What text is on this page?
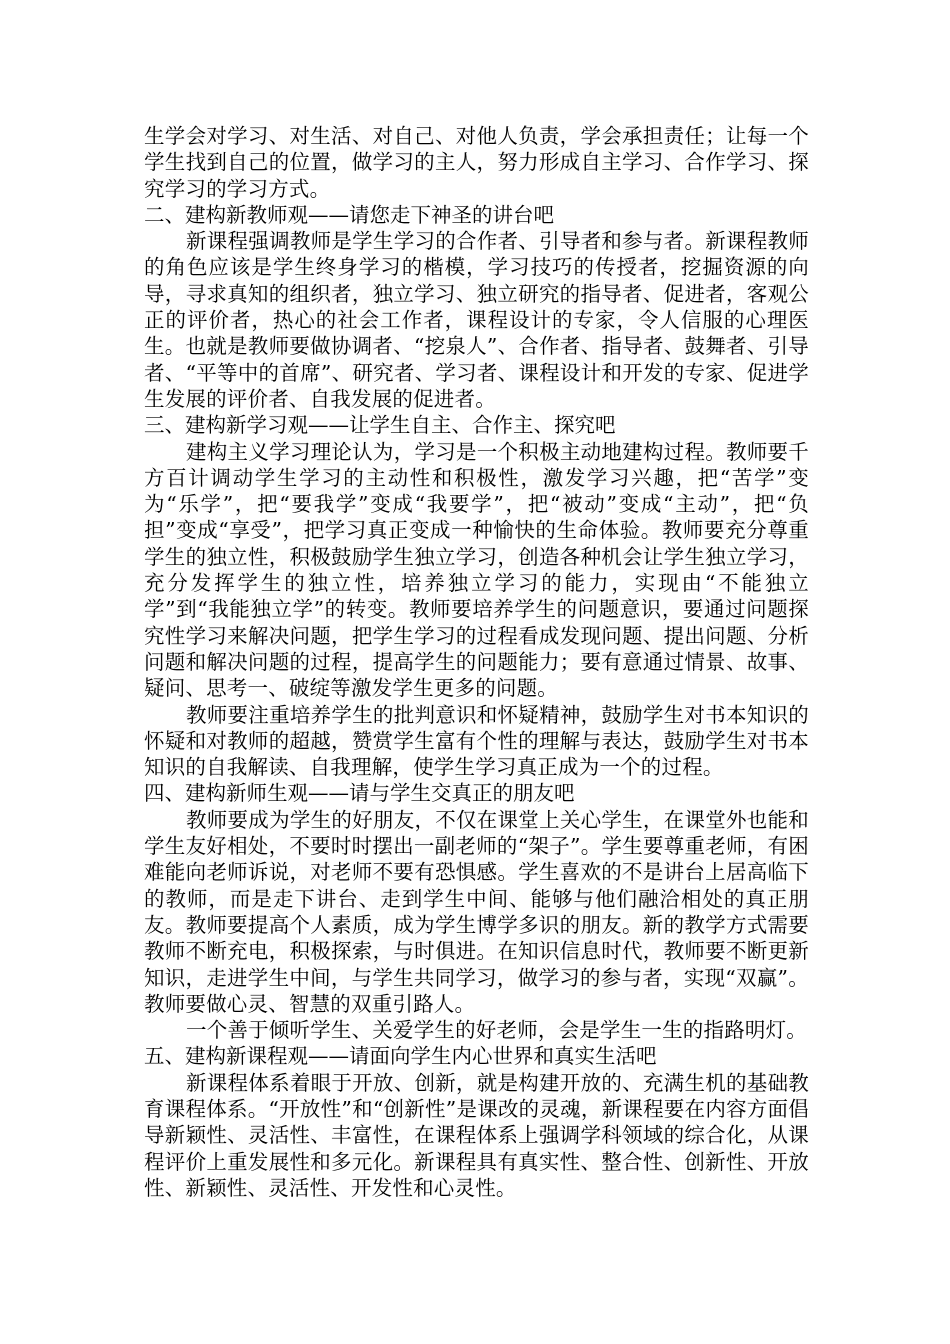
生学会对学习、对生活、对自己、对他人负责，学会承担责任；让每一个学生找到自己的位置，做学习的主人，努力形成自主学习、合作学习、探究学习的学习方式。

二、建构新教师观——请您走下神圣的讲台吧

新课程强调教师是学生学习的合作者、引导者和参与者。新课程教师的角色应该是学生终身学习的楷模，学习技巧的传授者，挖掘资源的向导，寻求真知的组织者，独立学习、独立研究的指导者、促进者，客观公正的评价者，热心的社会工作者，课程设计的专家，令人信服的心理医生。也就是教师要做协调者、“挖泉人”、合作者、指导者、鼓舞者、引导者、“平等中的首席”、研究者、学习者、课程设计和开发的专家、促进学生发展的评价者、自我发展的促进者。

三、建构新学习观——让学生自主、合作主、探究吧

建构主义学习理论认为，学习是一个积极主动地建构过程。教师要千方百计调动学生学习的主动性和积极性，激发学习兴趣，把“苦学”变为“乐学”，把“要我学”变成“我要学”，把“被动”变成“主动”，把“负担”变成“享受”，把学习真正变成一种愉快的生命体验。教师要充分尊重学生的独立性，积极鼓励学生独立学习，创造各种机会让学生独立学习，充分发挥学生的独立性，培养独立学习的能力，实现由“不能独立学”到“我能独立学”的转变。教师要培养学生的问题意识，要通过问题探究性学习来解决问题，把学生学习的过程看成发现问题、提出问题、分析问题和解决问题的过程，提高学生的问题能力；要有意通过情景、故事、疑问、思考一、破绽等激发学生更多的问题。

教师要注重培养学生的批判意识和怀疑精神，鼓励学生对书本知识的怀疑和对教师的超越，赞赏学生富有个性的理解与表达，鼓励学生对书本知识的自我解读、自我理解，使学生学习真正成为一个的过程。

四、建构新师生观——请与学生交真正的朋友吧

教师要成为学生的好朋友，不仅在课堂上关心学生，在课堂外也能和学生友好相处，不要时时摆出一副老师的“架子”。学生要尊重老师，有困难能向老师诉说，对老师不要有恐惧感。学生喜欢的不是讲台上居高临下的教师，而是走下讲台、走到学生中间、能够与他们融洽相处的真正朋友。教师要提高个人素质，成为学生博学多识的朋友。新的教学方式需要教师不断充电，积极探索，与时俱进。在知识信息时代，教师要不断更新知识，走进学生中间，与学生共同学习，做学习的参与者，实现“双赢”。教师要做心灵、智慧的双重引路人。

一个善于倾听学生、关爱学生的好老师，会是学生一生的指路明灯。

五、建构新课程观——请面向学生内心世界和真实生活吧

新课程体系着眼于开放、创新，就是构建开放的、充满生机的基础教育课程体系。“开放性”和“创新性”是课改的灵魂，新课程要在内容方面倡导新颖性、灵活性、丰富性，在课程体系上强调学科领域的综合化，从课程评价上重发展性和多元化。新课程具有真实性、整合性、创新性、开放性、新颖性、灵活性、开发性和心灵性。
